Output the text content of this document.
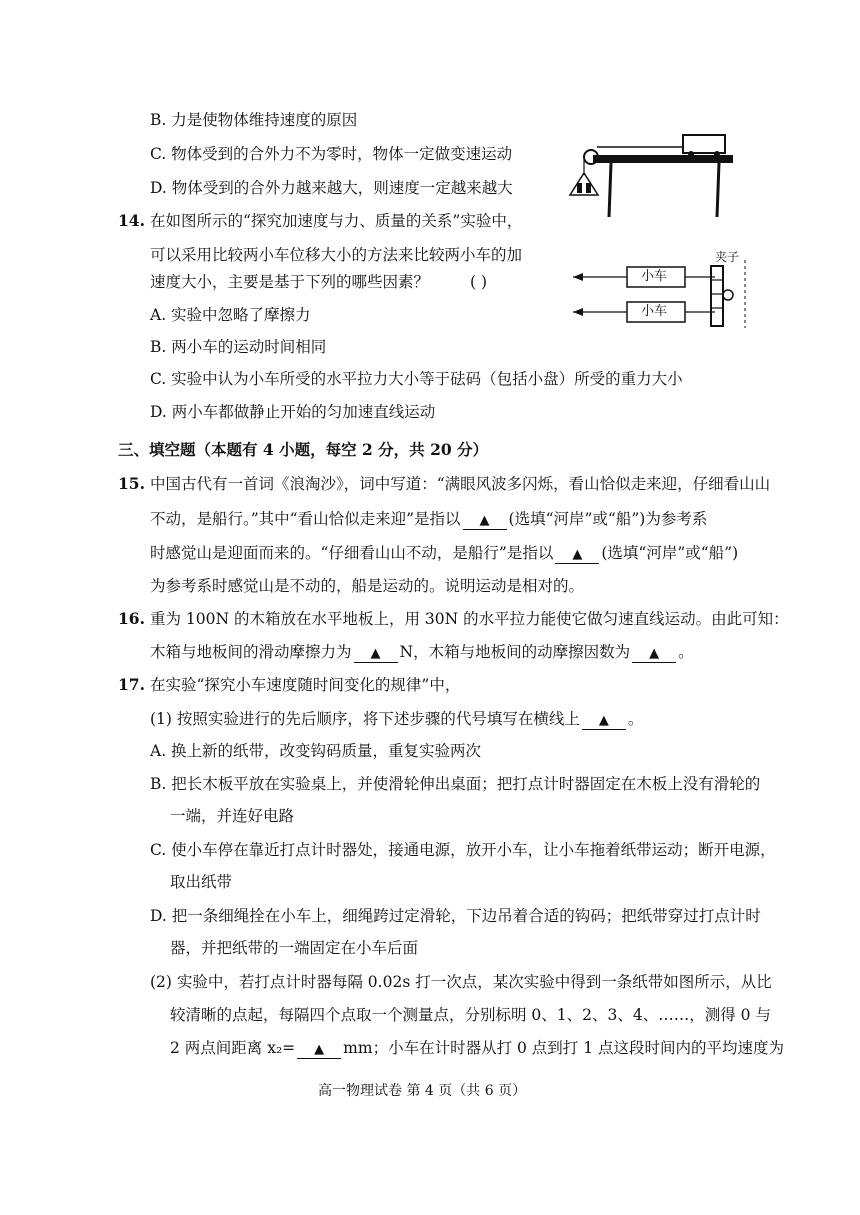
B. 力是使物体维持速度的原因
C. 物体受到的合外力不为零时，物体一定做变速运动
D. 物体受到的合外力越来越大，则速度一定越来越大
14. 在如图所示的“探究加速度与力、质量的关系”实验中，
可以采用比较两小车位移大小的方法来比较两小车的加
速度大小，主要是基于下列的哪些因素？	( )
A. 实验中忽略了摩擦力
B. 两小车的运动时间相同
C. 实验中认为小车所受的水平拉力大小等于砝码（包括小盘）所受的重力大小
D. 两小车都做静止开始的匀加速直线运动
小车
小车
夹子
三、填空题（本题有 4 小题，每空 2 分，共 20 分）
15. 中国古代有一首词《浪淘沙》，词中写道：“满眼风波多闪烁，看山恰似走来迎，仔细看山山
不动，是船行。”其中“看山恰似走来迎”是指以 ▲ (选填“河岸”或“船”)为参考系
时感觉山是迎面而来的。“仔细看山山不动，是船行”是指以 ▲ (选填“河岸”或“船”)
为参考系时感觉山是不动的，船是运动的。说明运动是相对的。
16. 重为 100N 的木箱放在水平地板上，用 30N 的水平拉力能使它做匀速直线运动。由此可知：
木箱与地板间的滑动摩擦力为 ▲ N，木箱与地板间的动摩擦因数为 ▲ 。
17. 在实验“探究小车速度随时间变化的规律”中，
(1) 按照实验进行的先后顺序，将下述步骤的代号填写在横线上 ▲ 。
A. 换上新的纸带，改变钩码质量，重复实验两次
B. 把长木板平放在实验桌上，并使滑轮伸出桌面；把打点计时器固定在木板上没有滑轮的
一端，并连好电路
C. 使小车停在靠近打点计时器处，接通电源，放开小车，让小车拖着纸带运动；断开电源，
取出纸带
D. 把一条细绳拴在小车上，细绳跨过定滑轮，下边吊着合适的钩码；把纸带穿过打点计时
器，并把纸带的一端固定在小车后面
(2) 实验中，若打点计时器每隔 0.02s 打一次点，某次实验中得到一条纸带如图所示，从比
较清晰的点起，每隔四个点取一个测量点，分别标明 0、1、2、3、4、……，测得 0 与
2 两点间距离 x₂= ▲ mm；小车在计时器从打 0 点到打 1 点这段时间内的平均速度为
高一物理试卷 第 4 页（共 6 页）
